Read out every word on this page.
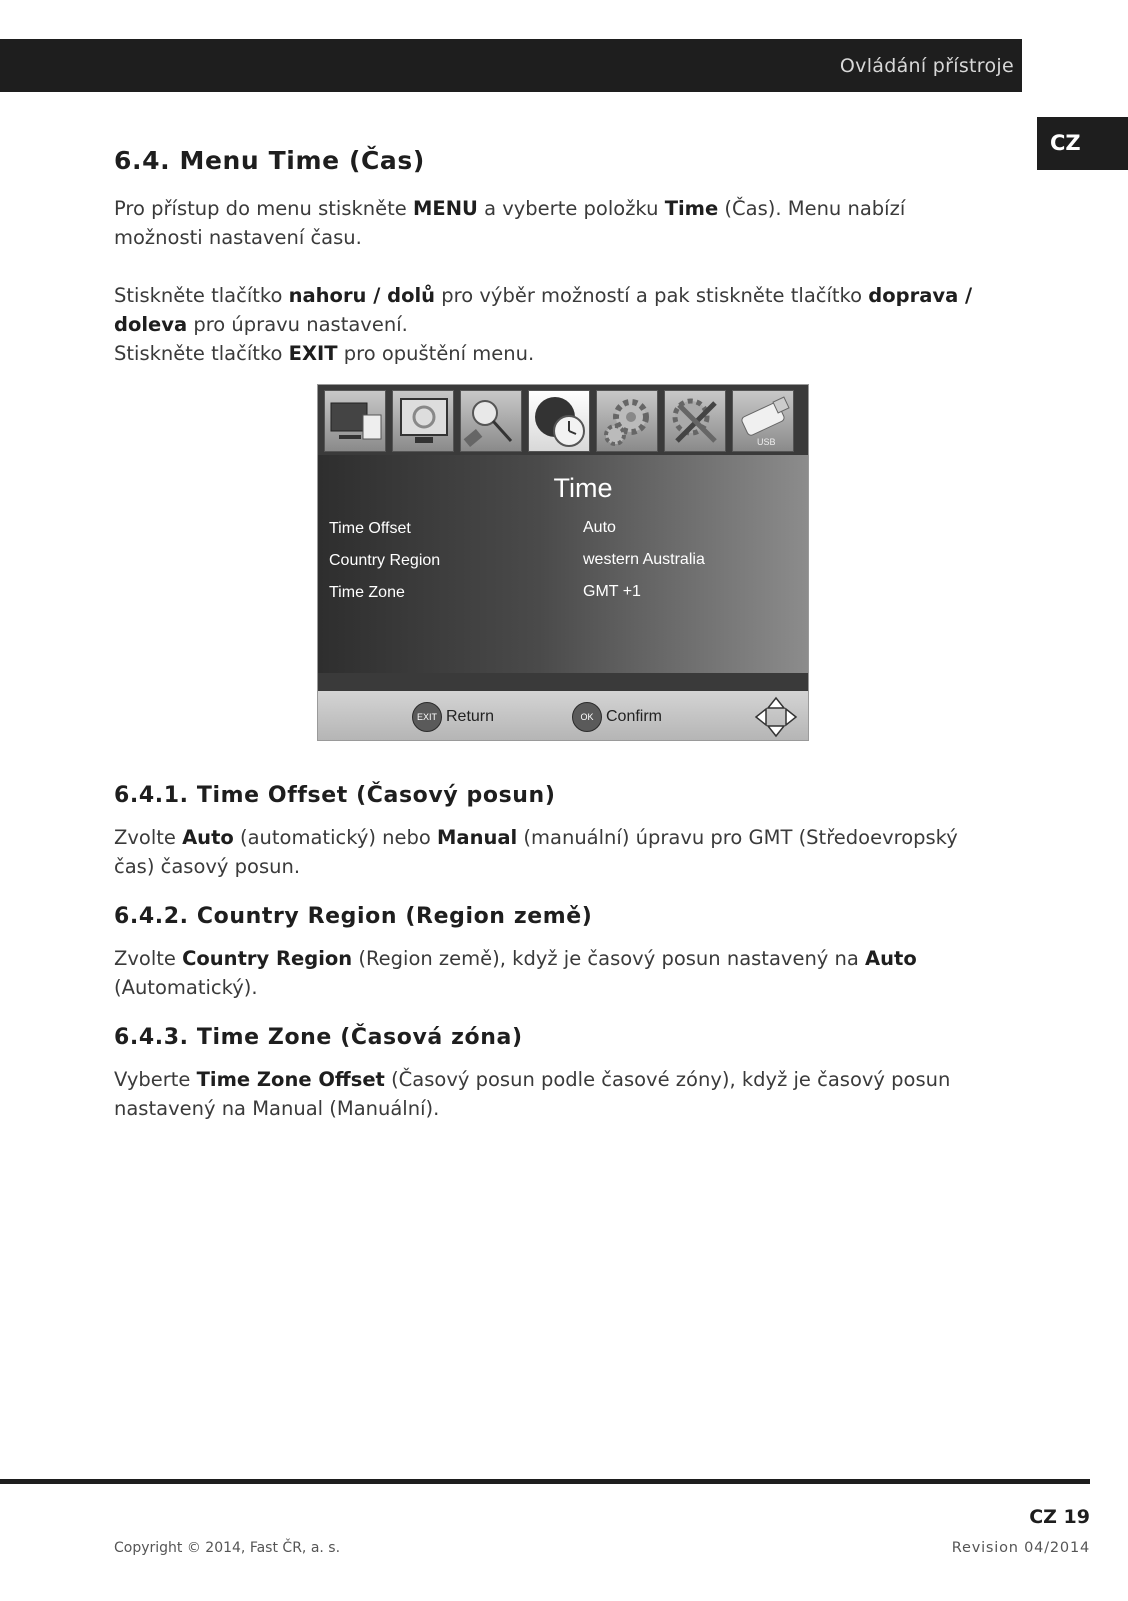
Ovládání přístroje
CZ
6.4. Menu Time (Čas)

Pro přístup do menu stiskněte MENU a vyberte položku Time (Čas). Menu nabízí možnosti nastavení času.

Stiskněte tlačítko nahoru / dolů pro výběr možností a pak stiskněte tlačítko doprava / doleva pro úpravu nastavení.

Stiskněte tlačítko EXIT pro opuštění menu.

USB
Time
Time Offset	Auto
Country Region	western Australia
Time Zone	GMT +1
EXIT Return	OK Confirm
6.4.1. Time Offset (Časový posun)

Zvolte Auto (automatický) nebo Manual (manuální) úpravu pro GMT (Středoevropský čas) časový posun.

6.4.2. Country Region (Region země)

Zvolte Country Region (Region země), když je časový posun nastavený na Auto (Automatický).

6.4.3. Time Zone (Časová zóna)

Vyberte Time Zone Offset (Časový posun podle časové zóny), když je časový posun nastavený na Manual (Manuální).

CZ 19
Copyright © 2014, Fast ČR, a. s.	Revision 04/2014
